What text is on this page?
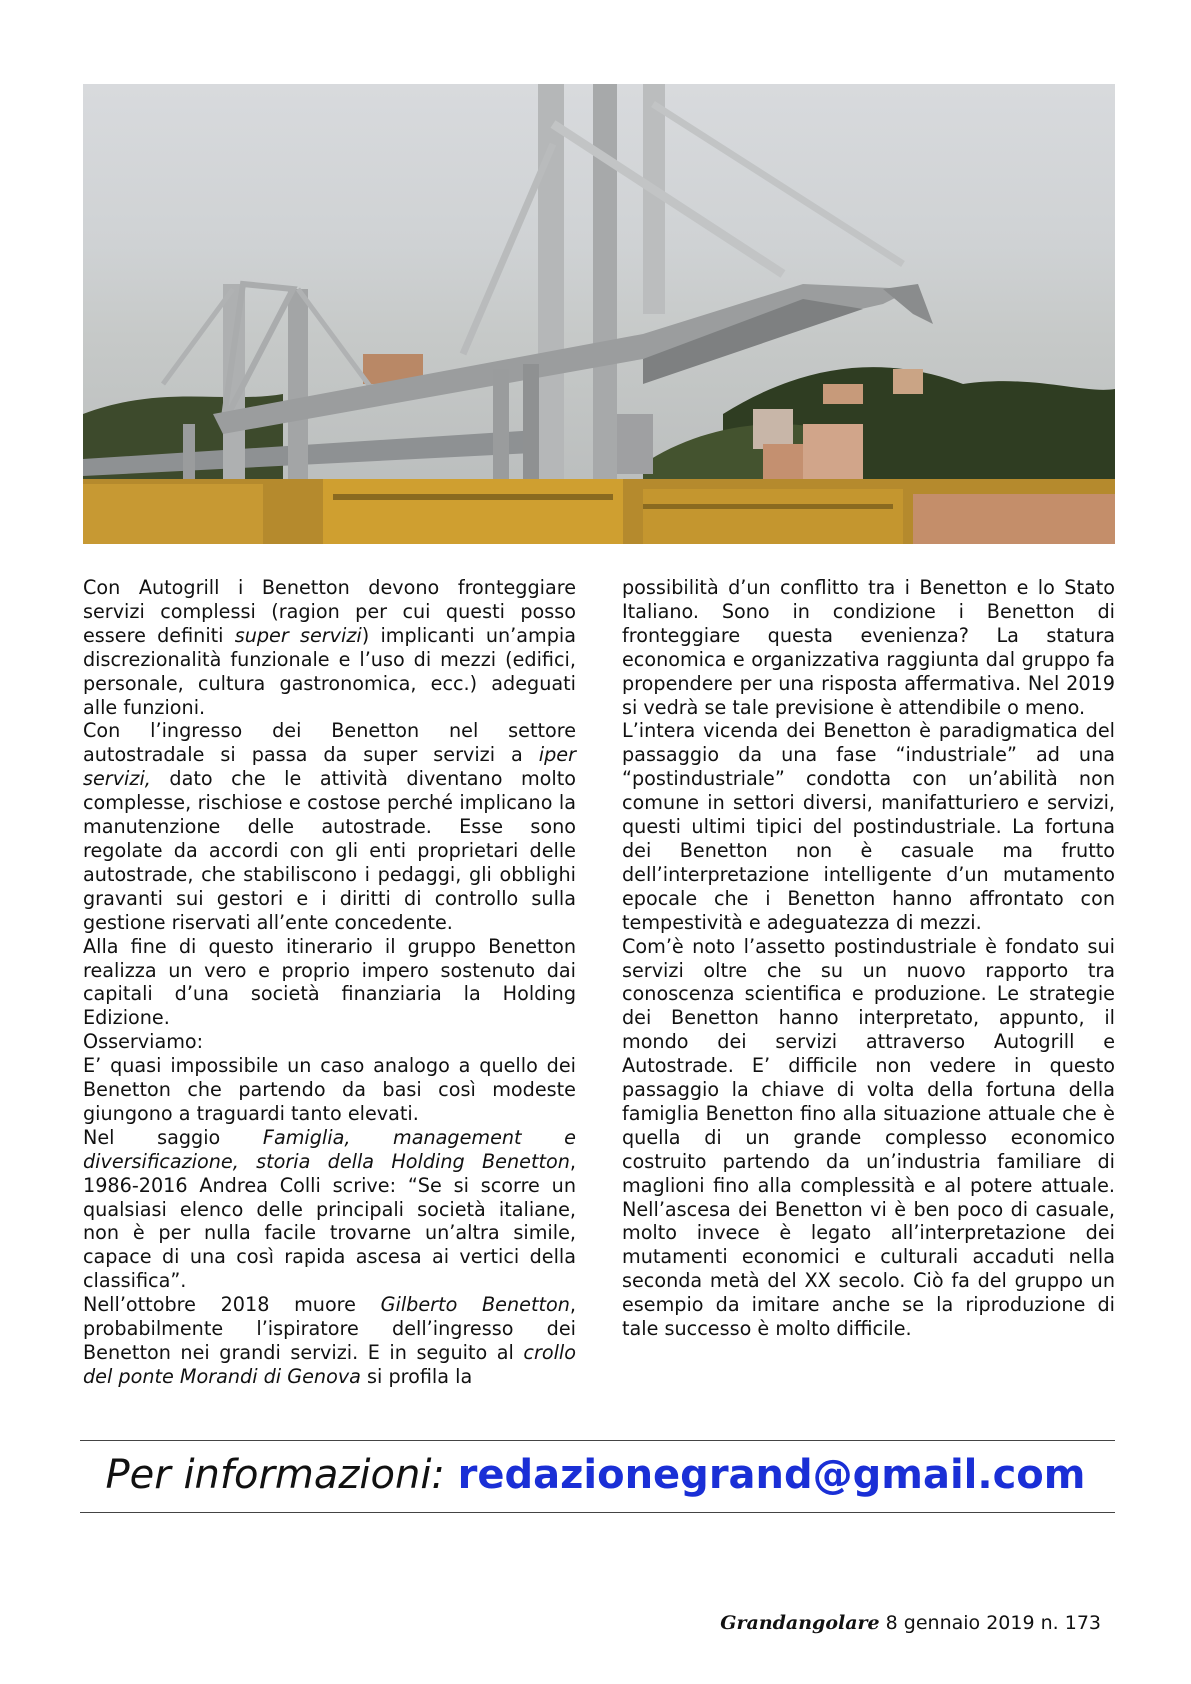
Con Autogrill i Benetton devono fronteggiare servizi complessi (ragion per cui questi posso essere definiti super servizi) implicanti un’ampia discrezionalità funzionale e l’uso di mezzi (edifici, personale, cultura gastronomica, ecc.) adeguati alle funzioni.

Con l’ingresso dei Benetton nel settore autostradale si passa da super servizi a iper servizi, dato che le attività diventano molto complesse, rischiose e costose perché implicano la manutenzione delle autostrade. Esse sono regolate da accordi con gli enti proprietari delle autostrade, che stabiliscono i pedaggi, gli obblighi gravanti sui gestori e i diritti di controllo sulla gestione riservati all’ente concedente.

Alla fine di questo itinerario il gruppo Benetton realizza un vero e proprio impero sostenuto dai capitali d’una società finanziaria la Holding Edizione.

Osserviamo:

E’ quasi impossibile un caso analogo a quello dei Benetton che partendo da basi così modeste giungono a traguardi tanto elevati.

Nel saggio Famiglia, management e diversificazione, storia della Holding Benetton, 1986-2016 Andrea Colli scrive: “Se si scorre un qualsiasi elenco delle principali società italiane, non è per nulla facile trovarne un’altra simile, capace di una così rapida ascesa ai vertici della classifica”.

Nell’ottobre 2018 muore Gilberto Benetton, probabilmente l’ispiratore dell’ingresso dei Benetton nei grandi servizi. E in seguito al crollo del ponte Morandi di Genova si profila la

possibilità d’un conflitto tra i Benetton e lo Stato Italiano. Sono in condizione i Benetton di fronteggiare questa evenienza? La statura economica e organizzativa raggiunta dal gruppo fa propendere per una risposta affermativa. Nel 2019 si vedrà se tale previsione è attendibile o meno.

L’intera vicenda dei Benetton è paradigmatica del passaggio da una fase “industriale” ad una “postindustriale” condotta con un’abilità non comune in settori diversi, manifatturiero e servizi, questi ultimi tipici del postindustriale. La fortuna dei Benetton non è casuale ma frutto dell’interpretazione intelligente d’un mutamento epocale che i Benetton hanno affrontato con tempestività e adeguatezza di mezzi.

Com’è noto l’assetto postindustriale è fondato sui servizi oltre che su un nuovo rapporto tra conoscenza scientifica e produzione. Le strategie dei Benetton hanno interpretato, appunto, il mondo dei servizi attraverso Autogrill e Autostrade. E’ difficile non vedere in questo passaggio la chiave di volta della fortuna della famiglia Benetton fino alla situazione attuale che è quella di un grande complesso economico costruito partendo da un’industria familiare di maglioni fino alla complessità e al potere attuale. Nell’ascesa dei Benetton vi è ben poco di casuale, molto invece è legato all’interpretazione dei mutamenti economici e culturali accaduti nella seconda metà del XX secolo. Ciò fa del gruppo un esempio da imitare anche se la riproduzione di tale successo è molto difficile.

Per informazioni: redazionegrand@gmail.com
Grandangolare 8 gennaio 2019 n. 173
